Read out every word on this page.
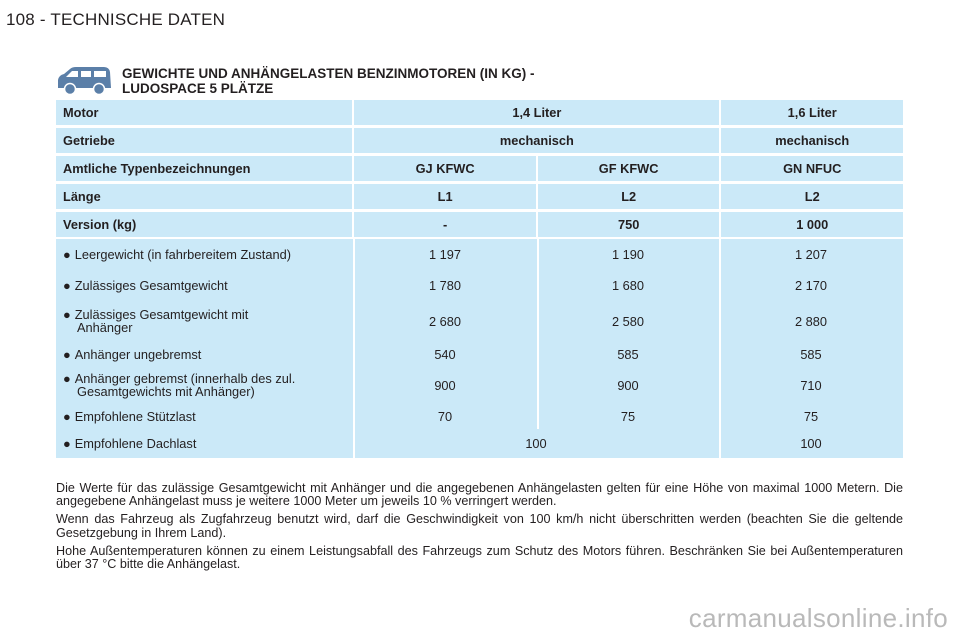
108 - TECHNISCHE DATEN
GEWICHTE UND ANHÄNGELASTEN BENZINMOTOREN (IN KG) -
LUDOSPACE 5 PLÄTZE
Motor	1,4 Liter	1,6 Liter
Getriebe	mechanisch	mechanisch
Amtliche Typenbezeichnungen	GJ KFWC	GF KFWC	GN NFUC
Länge	L1	L2	L2
Version (kg)	-	750	1 000
● Leergewicht (in fahrbereitem Zustand)	1 197	1 190	1 207
● Zulässiges Gesamtgewicht	1 780	1 680	2 170
● Zulässiges Gesamtgewicht mit
Anhänger	2 680	2 580	2 880
● Anhänger ungebremst	540	585	585
● Anhänger gebremst (innerhalb des zul.
Gesamtgewichts mit Anhänger)	900	900	710
● Empfohlene Stützlast	70	75	75
● Empfohlene Dachlast	100	100

Die Werte für das zulässige Gesamtgewicht mit Anhänger und die angegebenen Anhängelasten gelten für eine Höhe von maximal 1000 Metern. Die angegebene Anhängelast muss je weitere 1000 Meter um jeweils 10 % verringert werden.

Wenn das Fahrzeug als Zugfahrzeug benutzt wird, darf die Geschwindigkeit von 100 km/h nicht überschritten werden (beachten Sie die geltende Gesetzgebung in Ihrem Land).

Hohe Außentemperaturen können zu einem Leistungsabfall des Fahrzeugs zum Schutz des Motors führen. Beschränken Sie bei Außentemperaturen über 37 °C bitte die Anhängelast.

carmanualsonline.info
